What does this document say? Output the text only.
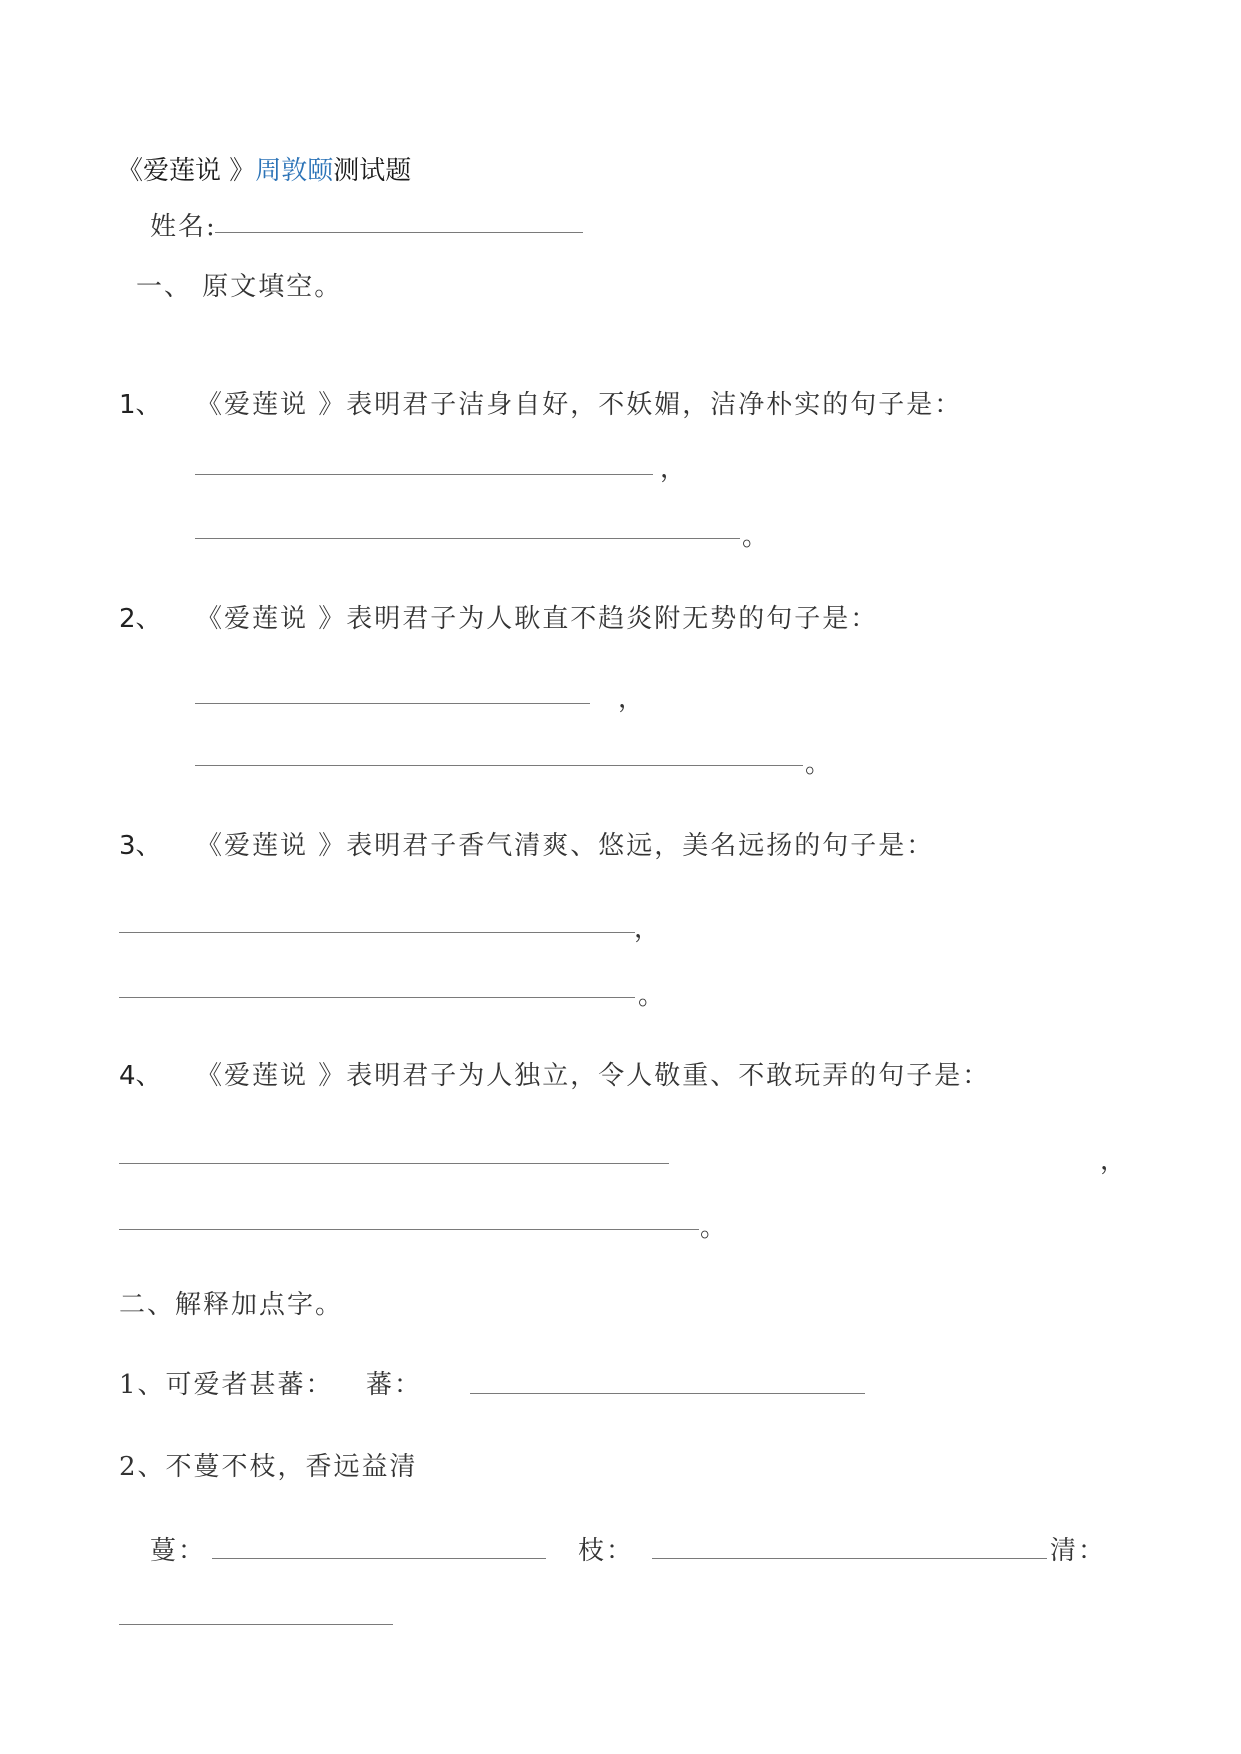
《爱莲说 》周敦颐测试题
姓名:
一、 原文填空。
1、 《爱莲说 》表明君子洁身自好，不妖媚，洁净朴实的句子是：
，
。
2、 《爱莲说 》表明君子为人耿直不趋炎附无势的句子是：
，
。
3、 《爱莲说 》表明君子香气清爽、悠远，美名远扬的句子是：
，
。
4、 《爱莲说 》表明君子为人独立，令人敬重、不敢玩弄的句子是：
，
。
二、解释加点字。
1、可爱者甚蕃： 蕃：
2、不蔓不枝，香远益清
蔓：	枝：	清：
